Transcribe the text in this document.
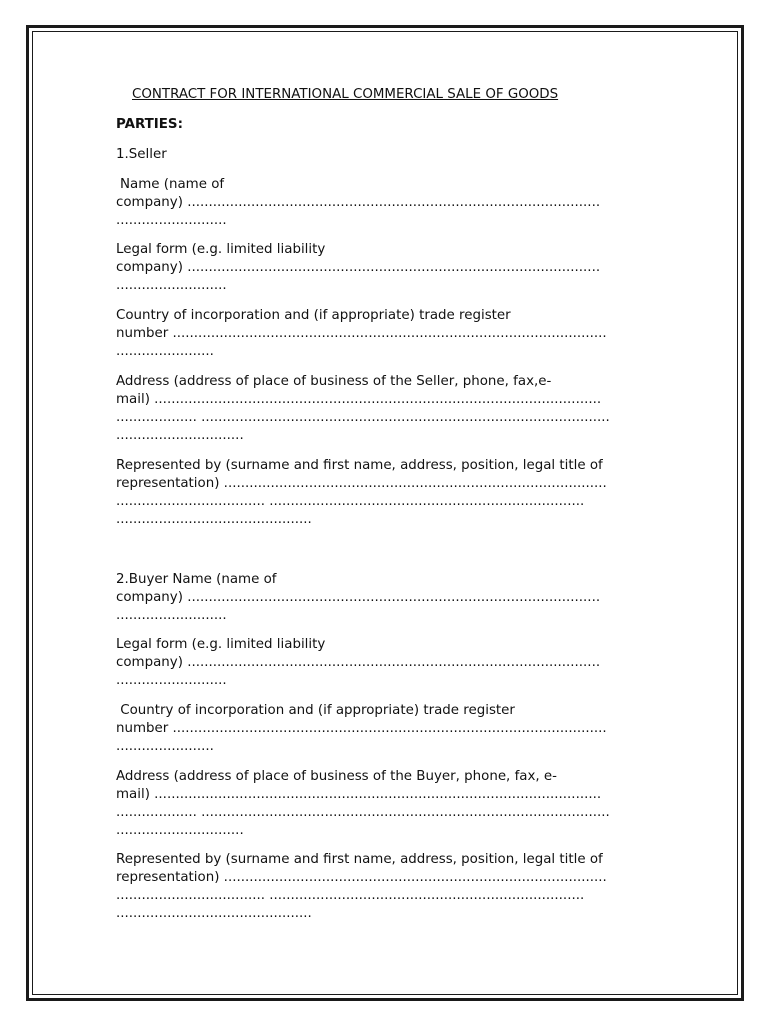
CONTRACT FOR INTERNATIONAL COMMERCIAL SALE OF GOODS
PARTIES:
1.Seller
Name (name of
company) .................................................................................................
..........................
Legal form (e.g. limited liability
company) .................................................................................................
..........................
Country of incorporation and (if appropriate) trade register
number ......................................................................................................
.......................
Address (address of place of business of the Seller, phone, fax,e-
mail) .........................................................................................................
................... ................................................................................................
..............................
Represented by (surname and first name, address, position, legal title of
representation) ..........................................................................................
................................... ..........................................................................
..............................................
2.Buyer Name (name of
company) .................................................................................................
..........................
Legal form (e.g. limited liability
company) .................................................................................................
..........................
Country of incorporation and (if appropriate) trade register
number ......................................................................................................
.......................
Address (address of place of business of the Buyer, phone, fax, e-
mail) .........................................................................................................
................... ................................................................................................
..............................
Represented by (surname and first name, address, position, legal title of
representation) ..........................................................................................
................................... ..........................................................................
..............................................
